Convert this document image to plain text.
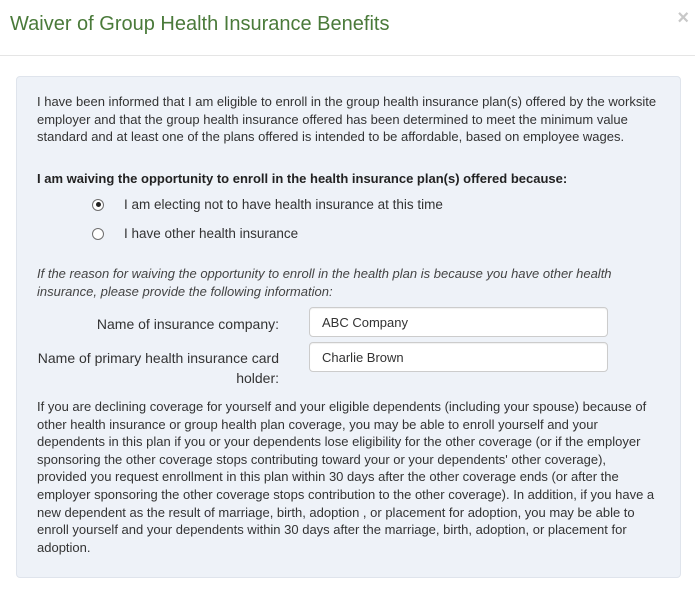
Waiver of Group Health Insurance Benefits	×
I have been informed that I am eligible to enroll in the group health insurance plan(s) offered by the worksite employer and that the group health insurance offered has been determined to meet the minimum value standard and at least one of the plans offered is intended to be affordable, based on employee wages.
I am waiving the opportunity to enroll in the health insurance plan(s) offered because:
I am electing not to have health insurance at this time
I have other health insurance
If the reason for waiving the opportunity to enroll in the health plan is because you have other health insurance, please provide the following information:
Name of insurance company:
ABC Company
Name of primary health insurance card holder:
Charlie Brown
If you are declining coverage for yourself and your eligible dependents (including your spouse) because of other health insurance or group health plan coverage, you may be able to enroll yourself and your dependents in this plan if you or your dependents lose eligibility for the other coverage (or if the employer sponsoring the other coverage stops contributing toward your or your dependents' other coverage), provided you request enrollment in this plan within 30 days after the other coverage ends (or after the employer sponsoring the other coverage stops contribution to the other coverage). In addition, if you have a new dependent as the result of marriage, birth, adoption , or placement for adoption, you may be able to enroll yourself and your dependents within 30 days after the marriage, birth, adoption, or placement for adoption.
